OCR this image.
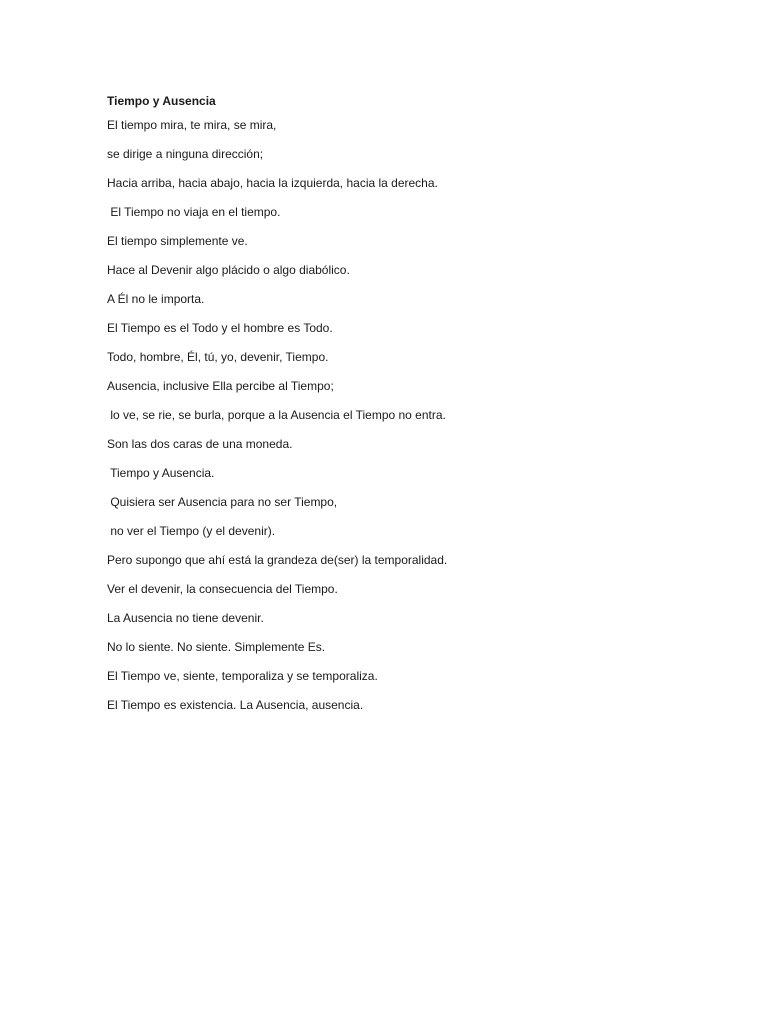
Tiempo y Ausencia
El tiempo mira, te mira, se mira,
se dirige a ninguna dirección;
Hacia arriba, hacia abajo, hacia la izquierda, hacia la derecha.
El Tiempo no viaja en el tiempo.
El tiempo simplemente ve.
Hace al Devenir algo plácido o algo diabólico.
A Él no le importa.
El Tiempo es el Todo y el hombre es Todo.
Todo, hombre, Él, tú, yo, devenir, Tiempo.
Ausencia, inclusive Ella percibe al Tiempo;
lo ve, se rie, se burla, porque a la Ausencia el Tiempo no entra.
Son las dos caras de una moneda.
Tiempo y Ausencia.
Quisiera ser Ausencia para no ser Tiempo,
no ver el Tiempo (y el devenir).
Pero supongo que ahí está la grandeza de(ser) la temporalidad.
Ver el devenir, la consecuencia del Tiempo.
La Ausencia no tiene devenir.
No lo siente. No siente. Simplemente Es.
El Tiempo ve, siente, temporaliza y se temporaliza.
El Tiempo es existencia. La Ausencia, ausencia.
